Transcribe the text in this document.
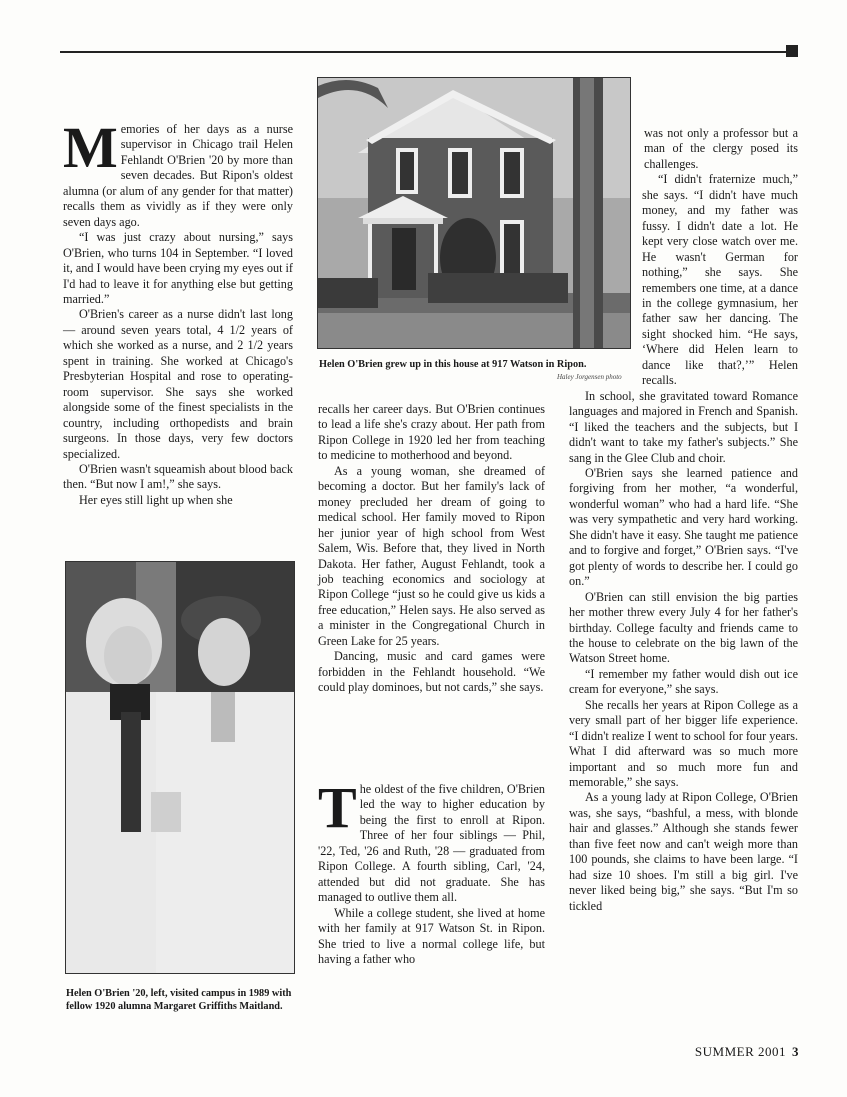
Memories of her days as a nurse supervisor in Chicago trail Helen Fehlandt O'Brien '20 by more than seven decades. But Ripon's oldest alumna (or alum of any gender for that matter) recalls them as vividly as if they were only seven days ago.

“I was just crazy about nursing,” says O'Brien, who turns 104 in September. “I loved it, and I would have been crying my eyes out if I'd had to leave it for anything else but getting married.”

O'Brien's career as a nurse didn't last long — around seven years total, 4 1/2 years of which she worked as a nurse, and 2 1/2 years spent in training. She worked at Chicago's Presbyterian Hospital and rose to operating-room supervisor. She says she worked alongside some of the finest specialists in the country, including orthopedists and brain surgeons. In those days, very few doctors specialized.

O'Brien wasn't squeamish about blood back then. “But now I am!,” she says.

Her eyes still light up when she

Helen O'Brien grew up in this house at 917 Watson in Ripon.
Haley Jorgensen photo

recalls her career days. But O'Brien continues to lead a life she's crazy about. Her path from Ripon College in 1920 led her from teaching to medicine to motherhood and beyond.

As a young woman, she dreamed of becoming a doctor. But her family's lack of money precluded her dream of going to medical school. Her family moved to Ripon her junior year of high school from West Salem, Wis. Before that, they lived in North Dakota. Her father, August Fehlandt, took a job teaching economics and sociology at Ripon College “just so he could give us kids a free education,” Helen says. He also served as a minister in the Congregational Church in Green Lake for 25 years.

Dancing, music and card games were forbidden in the Fehlandt household. “We could play dominoes, but not cards,” she says.

The oldest of the five children, O'Brien led the way to higher education by being the first to enroll at Ripon. Three of her four siblings — Phil, '22, Ted, '26 and Ruth, '28 — graduated from Ripon College. A fourth sibling, Carl, '24, attended but did not graduate. She has managed to outlive them all.

While a college student, she lived at home with her family at 917 Watson St. in Ripon. She tried to live a normal college life, but having a father who

was not only a professor but a man of the clergy posed its challenges.

“I didn't fraternize much,” she says. “I didn't have much money, and my father was fussy. I didn't date a lot. He kept very close watch over me. He wasn't German for nothing,” she says. She remembers one time, at a dance in the college gymnasium, her father saw her dancing. The sight shocked him. “He says, ‘Where did Helen learn to dance like that?,’” Helen recalls.

In school, she gravitated toward Romance languages and majored in French and Spanish. “I liked the teachers and the subjects, but I didn't want to take my father's subjects.” She sang in the Glee Club and choir.

O'Brien says she learned patience and forgiving from her mother, “a wonderful, wonderful woman” who had a hard life. “She was very sympathetic and very hard working. She didn't have it easy. She taught me patience and to forgive and forget,” O'Brien says. “I've got plenty of words to describe her. I could go on.”

O'Brien can still envision the big parties her mother threw every July 4 for her father's birthday. College faculty and friends came to the house to celebrate on the big lawn of the Watson Street home.

“I remember my father would dish out ice cream for everyone,” she says.

She recalls her years at Ripon College as a very small part of her bigger life experience. “I didn't realize I went to school for four years. What I did afterward was so much more important and so much more fun and memorable,” she says.

As a young lady at Ripon College, O'Brien was, she says, “bashful, a mess, with blonde hair and glasses.” Although she stands fewer than five feet now and can't weigh more than 100 pounds, she claims to have been large. “I had size 10 shoes. I'm still a big girl. I've never liked being big,” she says. “But I'm so tickled

Helen O'Brien '20, left, visited campus in 1989 with fellow 1920 alumna Margaret Griffiths Maitland.
SUMMER 2001 3
